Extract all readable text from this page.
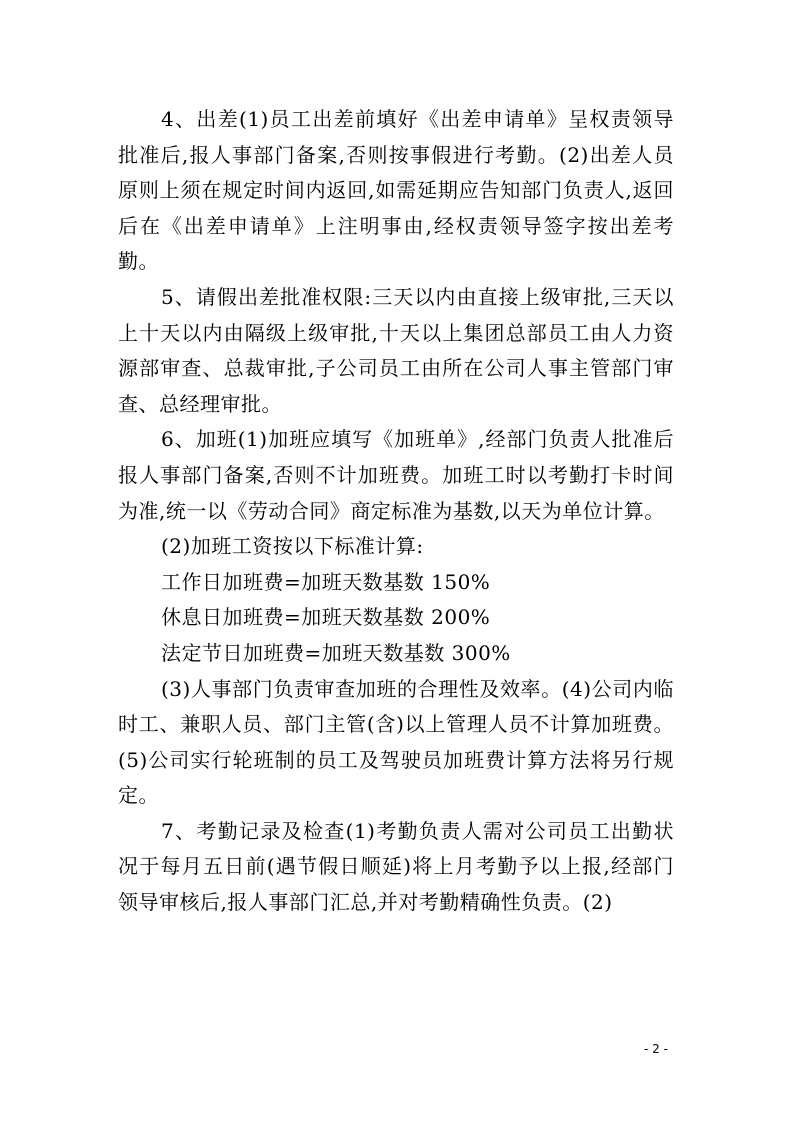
4、出差(1)员工出差前填好《出差申请单》呈权责领导批准后,报人事部门备案,否则按事假进行考勤。(2)出差人员原则上须在规定时间内返回,如需延期应告知部门负责人,返回后在《出差申请单》上注明事由,经权责领导签字按出差考勤。

5、请假出差批准权限:三天以内由直接上级审批,三天以上十天以内由隔级上级审批,十天以上集团总部员工由人力资源部审查、总裁审批,子公司员工由所在公司人事主管部门审查、总经理审批。

6、加班(1)加班应填写《加班单》,经部门负责人批准后报人事部门备案,否则不计加班费。加班工时以考勤打卡时间为准,统一以《劳动合同》商定标准为基数,以天为单位计算。

(2)加班工资按以下标准计算:

工作日加班费=加班天数基数 150%

休息日加班费=加班天数基数 200%

法定节日加班费=加班天数基数 300%

(3)人事部门负责审查加班的合理性及效率。(4)公司内临时工、兼职人员、部门主管(含)以上管理人员不计算加班费。(5)公司实行轮班制的员工及驾驶员加班费计算方法将另行规定。

7、考勤记录及检查(1)考勤负责人需对公司员工出勤状况于每月五日前(遇节假日顺延)将上月考勤予以上报,经部门领导审核后,报人事部门汇总,并对考勤精确性负责。(2)

- 2 -
